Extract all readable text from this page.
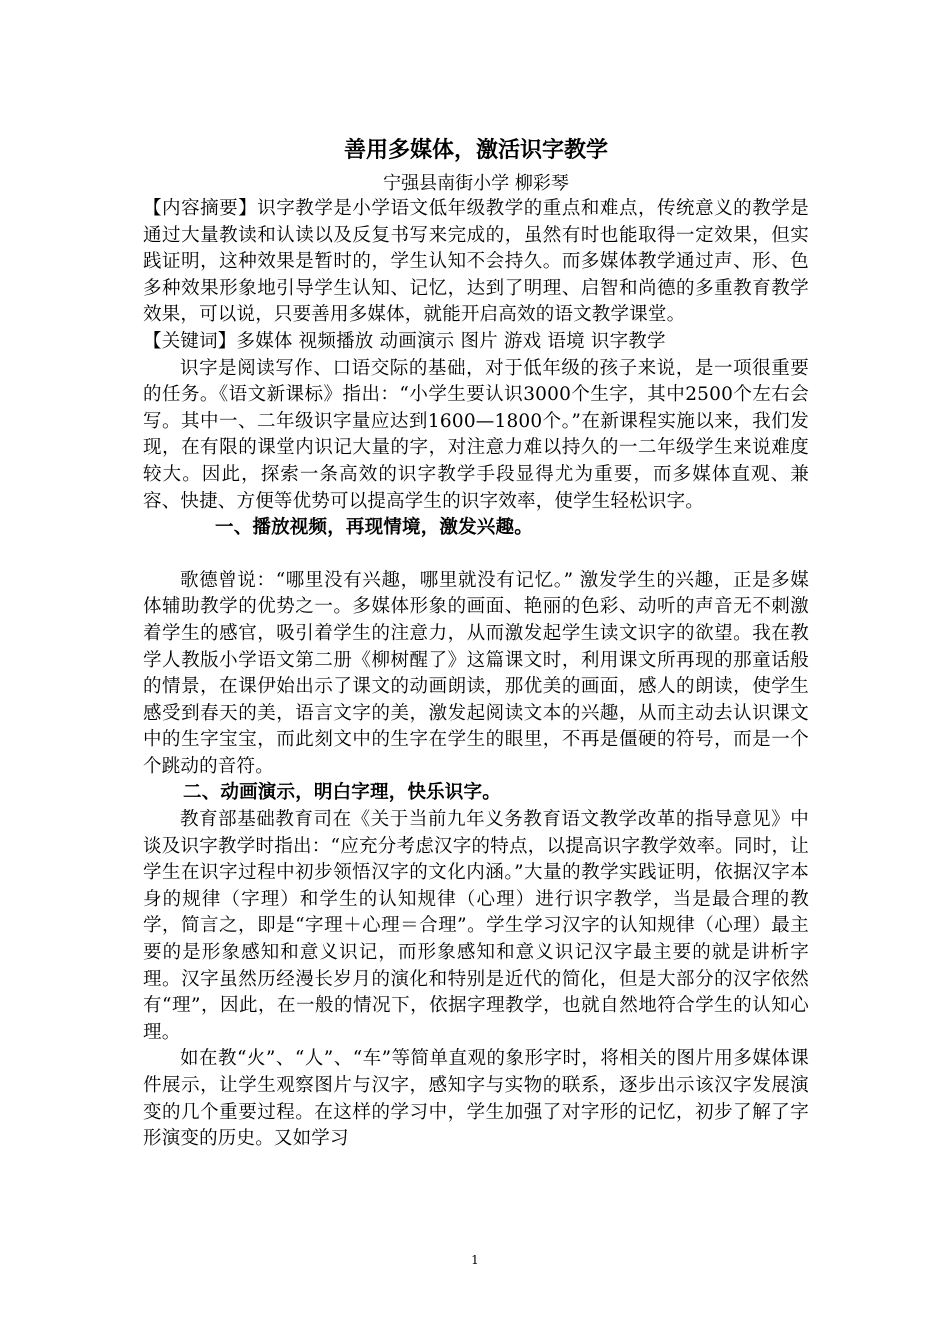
善用多媒体，激活识字教学
宁强县南街小学 柳彩琴

【内容摘要】识字教学是小学语文低年级教学的重点和难点，传统意义的教学是通过大量教读和认读以及反复书写来完成的，虽然有时也能取得一定效果，但实践证明，这种效果是暂时的，学生认知不会持久。而多媒体教学通过声、形、色多种效果形象地引导学生认知、记忆，达到了明理、启智和尚德的多重教育教学效果，可以说，只要善用多媒体，就能开启高效的语文教学课堂。

【关键词】多媒体 视频播放 动画演示 图片 游戏 语境 识字教学

识字是阅读写作、口语交际的基础，对于低年级的孩子来说，是一项很重要的任务。《语文新课标》指出：“小学生要认识3000个生字，其中2500个左右会写。其中一、二年级识字量应达到1600—1800个。”在新课程实施以来，我们发现，在有限的课堂内识记大量的字，对注意力难以持久的一二年级学生来说难度较大。因此，探索一条高效的识字教学手段显得尤为重要，而多媒体直观、兼容、快捷、方便等优势可以提高学生的识字效率，使学生轻松识字。

一、播放视频，再现情境，激发兴趣。

歌德曾说：“哪里没有兴趣，哪里就没有记忆。” 激发学生的兴趣，正是多媒体辅助教学的优势之一。多媒体形象的画面、艳丽的色彩、动听的声音无不刺激着学生的感官，吸引着学生的注意力，从而激发起学生读文识字的欲望。我在教学人教版小学语文第二册《柳树醒了》这篇课文时，利用课文所再现的那童话般的情景，在课伊始出示了课文的动画朗读，那优美的画面，感人的朗读，使学生感受到春天的美，语言文字的美，激发起阅读文本的兴趣，从而主动去认识课文中的生字宝宝，而此刻文中的生字在学生的眼里，不再是僵硬的符号，而是一个个跳动的音符。

二、动画演示，明白字理，快乐识字。

教育部基础教育司在《关于当前九年义务教育语文教学改革的指导意见》中谈及识字教学时指出：“应充分考虑汉字的特点，以提高识字教学效率。同时，让学生在识字过程中初步领悟汉字的文化内涵。”大量的教学实践证明，依据汉字本身的规律（字理）和学生的认知规律（心理）进行识字教学，当是最合理的教学，简言之，即是“字理＋心理＝合理”。学生学习汉字的认知规律（心理）最主要的是形象感知和意义识记，而形象感知和意义识记汉字最主要的就是讲析字理。汉字虽然历经漫长岁月的演化和特别是近代的简化，但是大部分的汉字依然有“理”，因此，在一般的情况下，依据字理教学，也就自然地符合学生的认知心理。

如在教“火”、“人”、“车”等简单直观的象形字时，将相关的图片用多媒体课件展示，让学生观察图片与汉字，感知字与实物的联系，逐步出示该汉字发展演变的几个重要过程。在这样的学习中，学生加强了对字形的记忆，初步了解了字形演变的历史。又如学习

1
